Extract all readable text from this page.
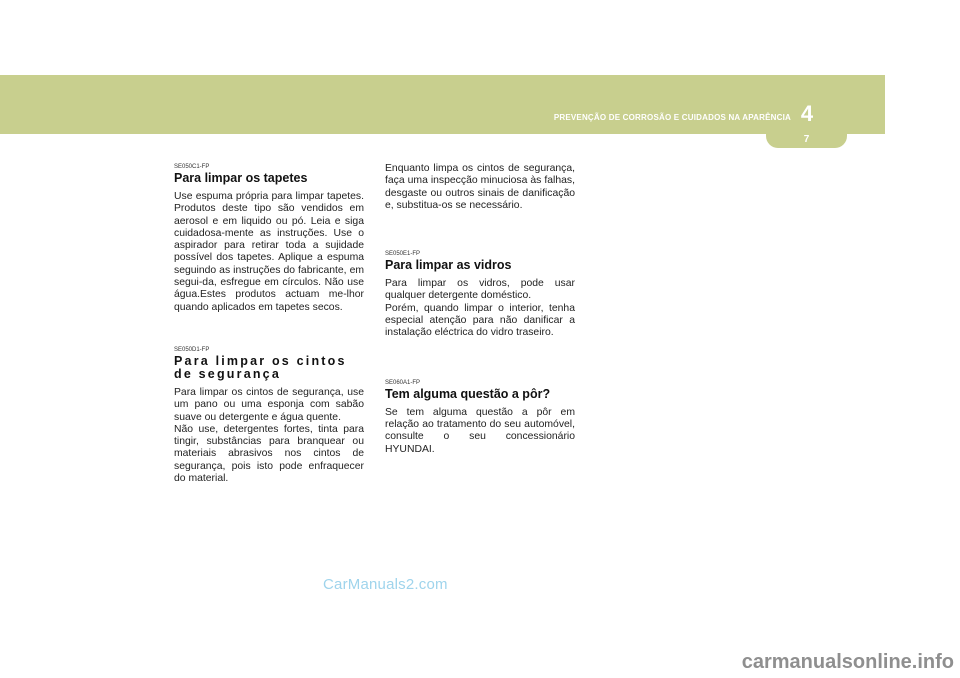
PREVENÇÃO DE CORROSÃO E CUIDADOS NA APARÊNCIA 4
7
SE050C1-FP
Para limpar os tapetes
Use espuma própria para limpar tapetes. Produtos deste tipo são vendidos em aerosol e em liquido ou pó. Leia e siga cuidadosa-mente as instruções. Use o aspirador para retirar toda a sujidade possível dos tapetes. Aplique a espuma seguindo as instruções do fabricante, em segui-da, esfregue em círculos. Não use água.Estes produtos actuam me-lhor quando aplicados em tapetes secos.
SE050D1-FP
Para limpar os cintos de segurança

Para limpar os cintos de segurança, use um pano ou uma esponja com sabão suave ou detergente e água quente.

Não use, detergentes fortes, tinta para tingir, substâncias para branquear ou materiais abrasivos nos cintos de segurança, pois isto pode enfraquecer do material.

Enquanto limpa os cintos de segurança, faça uma inspecção minuciosa às falhas, desgaste ou outros sinais de danificação e, substitua-os se necessário.
SE050E1-FP
Para limpar as vidros

Para limpar os vidros, pode usar qualquer detergente doméstico.

Porém, quando limpar o interior, tenha especial atenção para não danificar a instalação eléctrica do vidro traseiro.

SE060A1-FP
Tem alguma questão a pôr?
Se tem alguma questão a pôr em relação ao tratamento do seu automóvel, consulte o seu concessionário HYUNDAI.
CarManuals2.com
carmanualsonline.info
